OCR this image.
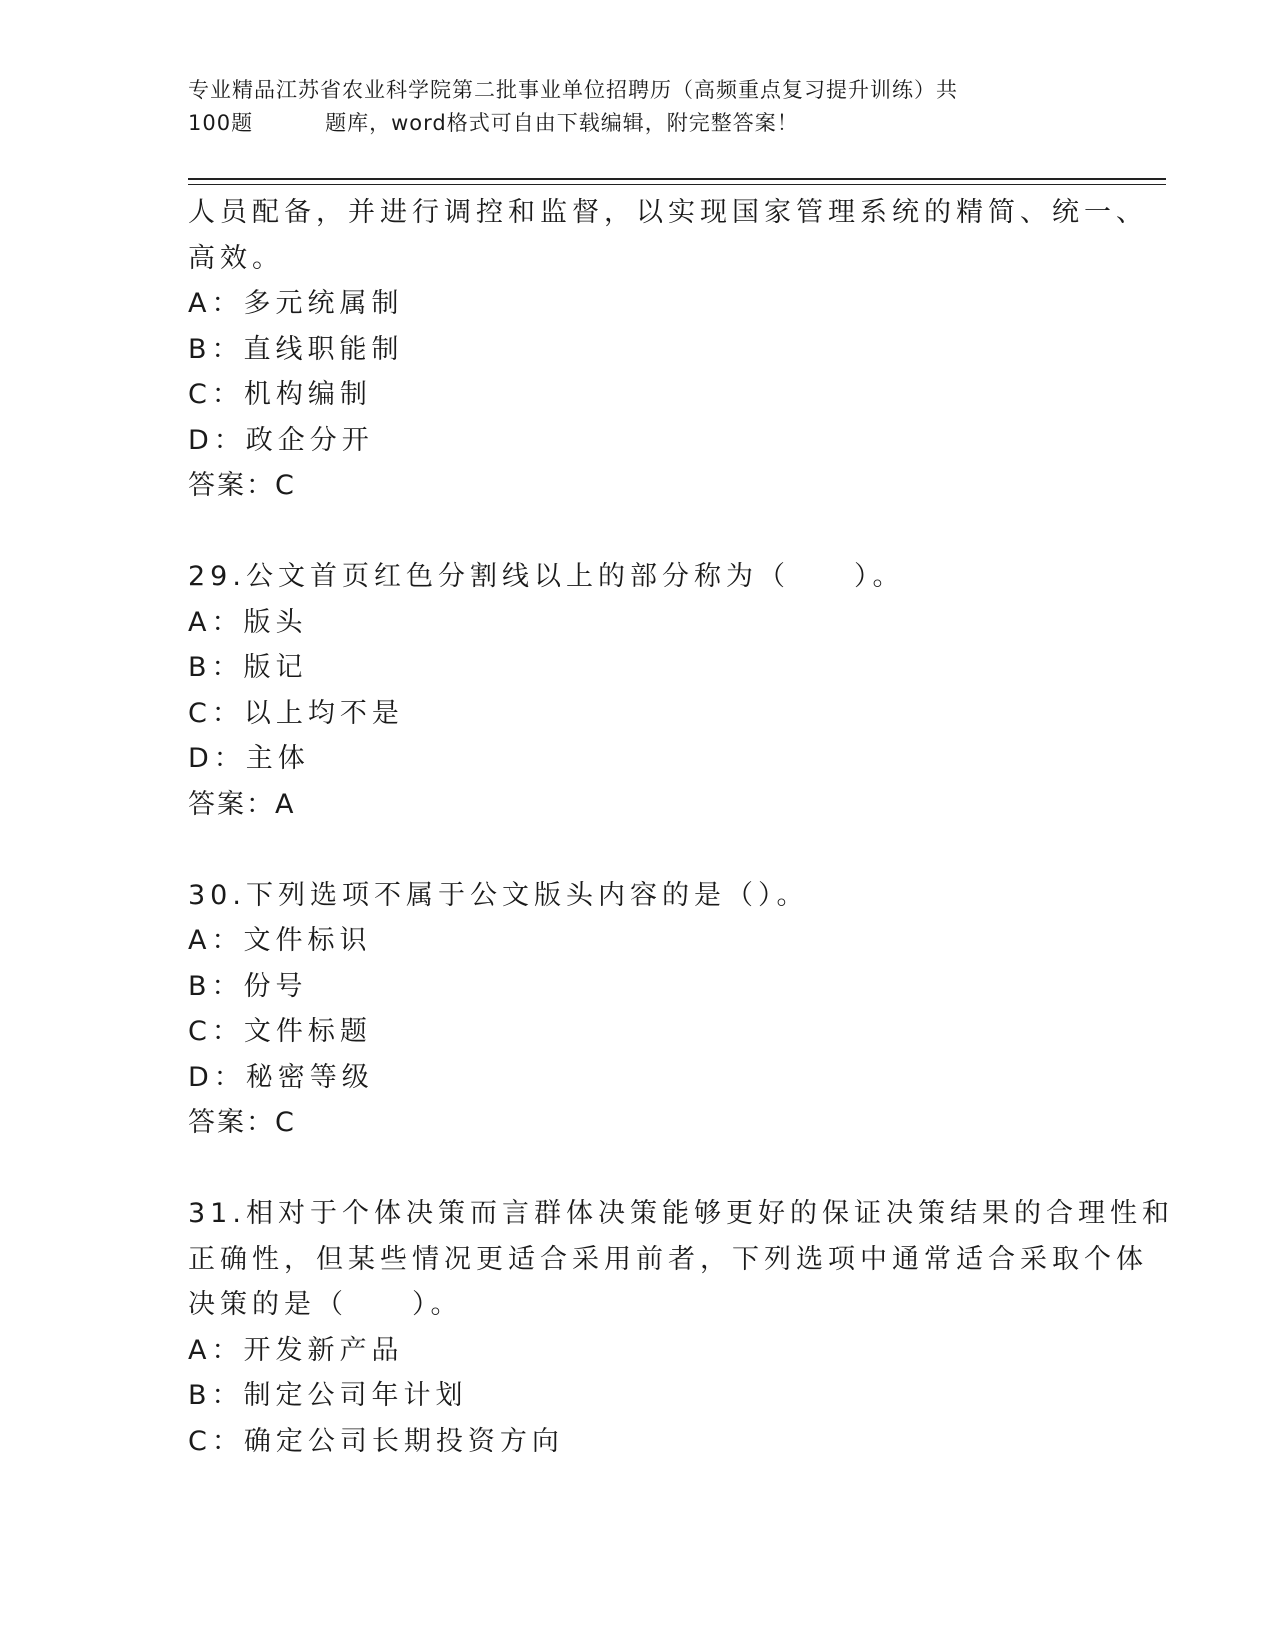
专业精品江苏省农业科学院第二批事业单位招聘历（高频重点复习提升训练）共
100题	题库，word格式可自由下载编辑，附完整答案！
人员配备，并进行调控和监督，以实现国家管理系统的精简、统一、
高效。
A：多元统属制
B：直线职能制
C：机构编制
D：政企分开
答案：C
29.公文首页红色分割线以上的部分称为（　　）。
A：版头
B：版记
C：以上均不是
D：主体
答案：A
30.下列选项不属于公文版头内容的是（）。
A：文件标识
B：份号
C：文件标题
D：秘密等级
答案：C
31.相对于个体决策而言群体决策能够更好的保证决策结果的合理性和
正确性，但某些情况更适合采用前者，下列选项中通常适合采取个体
决策的是（　　）。
A：开发新产品
B：制定公司年计划
C：确定公司长期投资方向
